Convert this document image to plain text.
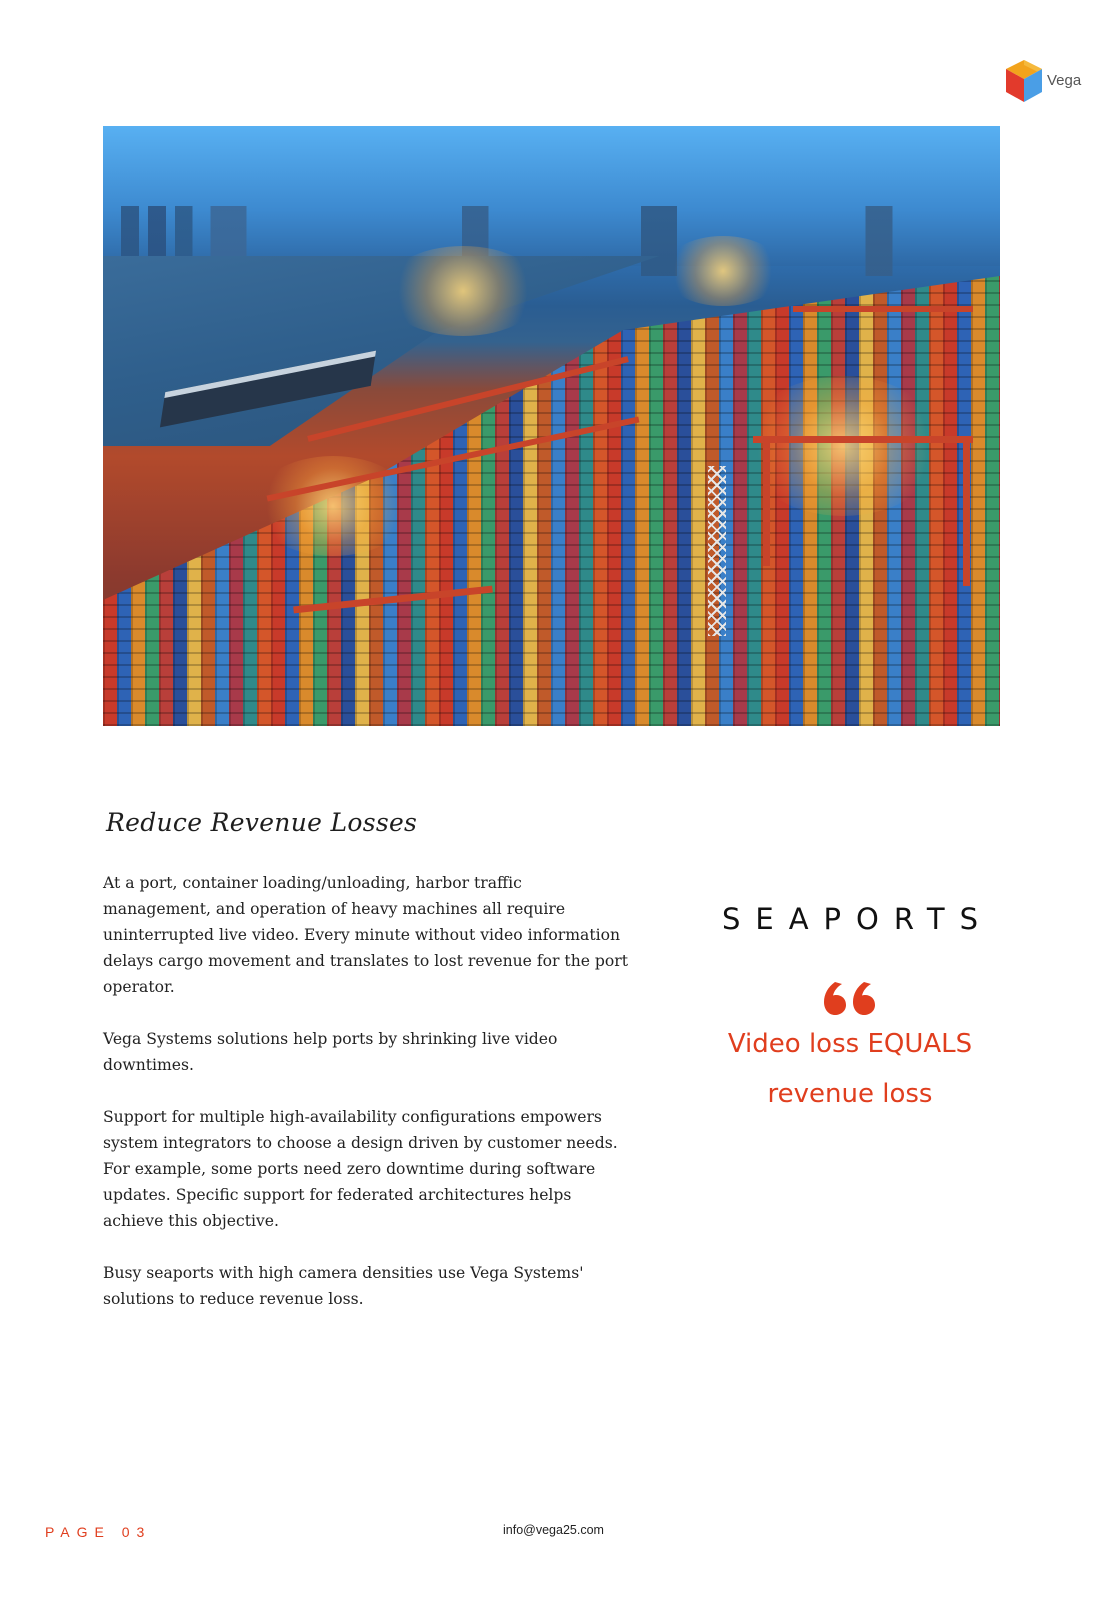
Vega
Reduce Revenue Losses

At a port, container loading/unloading, harbor traffic management, and operation of heavy machines all require uninterrupted live video. Every minute without video information delays cargo movement and translates to lost revenue for the port operator.

Vega Systems solutions help ports by shrinking live video downtimes.

Support for multiple high-availability configurations empowers system integrators to choose a design driven by customer needs. For example, some ports need zero downtime during software updates. Specific support for federated architectures helps achieve this objective.

Busy seaports with high camera densities use Vega Systems' solutions to reduce revenue loss.

SEAPORTS
Video loss EQUALS
revenue loss
PAGE 03	info@vega25.com
